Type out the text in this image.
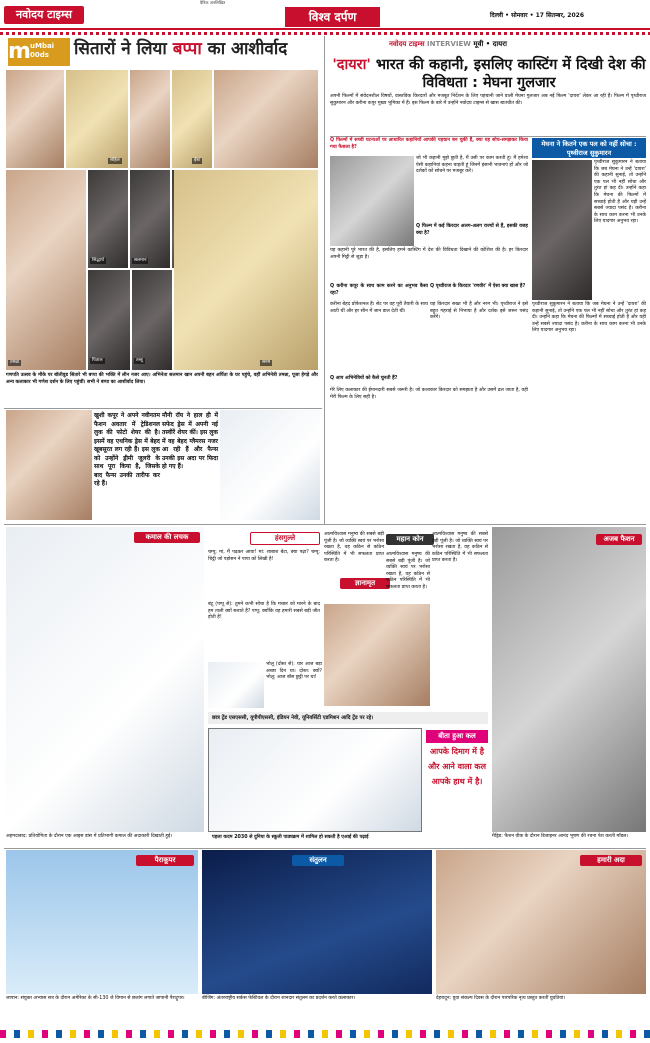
नवोदय टाइम्स
दैनिक अनलिखित
विश्व दर्पण	दिल्ली • सोमवार • 17 सितम्बर, 2026
m uMbai 00ds	सितारों ने लिया बप्पा का आशीर्वाद
तमन्ना	सनम
सोहेल	ईशा
सिद्धार्थ	सलमान
पिताल	तब्बू
गणपति उत्सव के मौके पर बॉलीवुड सितारे भी बप्पा की भक्ति में लीन नजर आए। अभिनेता सलमान खान अपनी बहन अर्पिता के घर पहुंचे, वहीं अभिनेत्री तमन्ना, पूजा हेगड़े और अन्य कलाकार भी गणेश दर्शन के लिए पहुंचीं। सभी ने बप्पा का आशीर्वाद लिया।
खुशी कपूर ने अपने नवीनतम फैशन अवतार में ट्रेडिशनल लुक की फोटो शेयर की है। इसमें वह एथनिक ड्रेस में बेहद खूबसूरत लग रही हैं। इस लुक को उन्होंने ड्रीमी जूलरी के साथ पूरा किया है, जिसके बाद फैन्स उनकी तारीफ कर रहे हैं।
मौनी रॉय ने हाल ही में सफेद ड्रेस में अपनी नई तस्वीरें शेयर कीं। इस लुक में वह बेहद ग्लैमरस नजर आ रही हैं और फैन्स उनकी इस अदा पर फिदा हो गए हैं।
नवोदय टाइम्स INTERVIEW मूवी • दायरा
'दायरा' भारत की कहानी, इसलिए कास्टिंग में दिखी देश की विविधता : मेघना गुलजार
अपनी फिल्मों में संवेदनशील विषयों, वास्तविक किरदारों और मजबूत निर्देशन के लिए पहचानी जाने वाली मेघना गुलजार अब नई फिल्म 'दायरा' लेकर आ रही हैं। फिल्म में पृथ्वीराज सुकुमारन और करीना कपूर मुख्य भूमिका में हैं। इस फिल्म के बारे में उन्होंने नवोदय टाइम्स से खास बातचीत की।
Q फिल्मों में सच्ची घटनाओं पर आधारित कहानियाँ आपकी पहचान बन चुकी हैं, क्या यह सोच-समझकर किया गया फैसला है?
जो भी कहानी मुझे छूती है, मैं उसी पर काम करती हूं। मैं हमेशा ऐसी कहानियां कहना चाहती हूं जिनमें इंसानी भावनाएं हों और जो दर्शकों को सोचने पर मजबूर करें।
Q फिल्म में कई किरदार अलग-अलग राज्यों से हैं, इसकी वजह क्या है?
यह कहानी पूरे भारत की है, इसलिए हमने कास्टिंग में देश की विविधता दिखाने की कोशिश की है। हर किरदार अपनी मिट्टी से जुड़ा है।
Q करीना कपूर के साथ काम करने का अनुभव कैसा रहा?
करीना बेहद प्रोफेशनल हैं। सेट पर वह पूरी तैयारी के साथ आती थीं और हर सीन में जान डाल देती थीं।
Q पृथ्वीराज के किरदार 'रणवीर' में ऐसा क्या खास है?
यह किरदार सख्त भी है और नरम भी। पृथ्वीराज ने इसे बहुत गहराई से निभाया है और दर्शक इसे जरूर पसंद करेंगे।
Q आप अभिनेत्रियों को कैसे चुनती हैं?
मेरे लिए कलाकार की ईमानदारी सबसे जरूरी है। जो कलाकार किरदार को समझता है और उसमें ढल जाता है, वही मेरी फिल्म के लिए सही है।
मेघना ने कितने एक पल को नहीं सोचा : पृथ्वीराज सुकुमारन
पृथ्वीराज सुकुमारन ने बताया कि जब मेघना ने उन्हें 'दायरा' की कहानी सुनाई, तो उन्होंने एक पल भी नहीं सोचा और तुरंत हां कह दी। उन्होंने कहा कि मेघना की फिल्मों में सच्चाई होती है और यही उन्हें सबसे ज्यादा पसंद है। करीना के साथ काम करना भी उनके लिए यादगार अनुभव रहा।
पृथ्वीराज सुकुमारन ने बताया कि जब मेघना ने उन्हें 'दायरा' की कहानी सुनाई, तो उन्होंने एक पल भी नहीं सोचा और तुरंत हां कह दी। उन्होंने कहा कि मेघना की फिल्मों में सच्चाई होती है और यही उन्हें सबसे ज्यादा पसंद है। करीना के साथ काम करना भी उनके लिए यादगार अनुभव रहा।
कमाल की लचक
अहमदाबाद: प्रतियोगिता के दौरान एक आइस डांस में प्रतिभागी कमाल की अदाकारी दिखाती हुई।
हंसगुल्ले
चम्पू: मां, मैं पढ़कर आया! मां: शाबाश बेटा, क्या पढ़ा? चम्पू: चिट्ठी जो पड़ोसन ने पापा को लिखी है!
बंटू (पप्पू से): तुमने कभी सोचा है कि मच्छर को मारने के बाद हम ताली क्यों बजाते हैं? पप्पू: क्योंकि वह हमारी सबसे बड़ी जीत होती है!
भोलू (दोस्त से): यार आज बड़ा अच्छा दिन था। दोस्त: क्यों? भोलू: आज बॉस छुट्टी पर था!
आत्मविश्वास मनुष्य की सबसे बड़ी पूंजी है। जो व्यक्ति स्वयं पर भरोसा रखता है, वह कठिन से कठिन परिस्थिति में भी सफलता प्राप्त करता है।
महान कोन
ज्ञानामृत
आत्मविश्वास मनुष्य की सबसे बड़ी पूंजी है। जो व्यक्ति स्वयं पर भरोसा रखता है, वह कठिन से कठिन परिस्थिति में भी सफलता प्राप्त करता है।
आत्मविश्वास मनुष्य की सबसे बड़ी पूंजी है। जो व्यक्ति स्वयं पर भरोसा रखता है, वह कठिन से कठिन परिस्थिति में भी सफलता प्राप्त करता है।
अजब फैशन
मैड्रिड: फैशन वीक के दौरान डिजाइनर आनंद भूषण की रचना पेश करती मॉडल।
छात्र ट्रेंड एसएससी, यूपीपीएससी, इंडियन नेवी, यूनिवर्सिटी एडमिशन आदि ट्रेंड पर रहे।
बीता हुआ कल
आपके दिमाग में है
और आने वाला कल
आपके हाथ में है।
पहला कदम 2030 से दुनिया के स्कूली पाठ्यक्रम में शामिल हो सकती है एआई की पढ़ाई
पैराकूपर
जापान: संयुक्त अभ्यास सत्र के दौरान अमेरिका के सी-130 जे विमान से छलांग लगाते जापानी पैराट्रूपर।
संतुलन
बीजिंग: अंतरराष्ट्रीय सर्कस फेस्टिवल के दौरान शानदार संतुलन का प्रदर्शन करते कलाकार।
हमारी अदा
देहरादून: युवा संकल्प दिवस के दौरान पारंपरिक नृत्य प्रस्तुत करतीं युवतियां।
